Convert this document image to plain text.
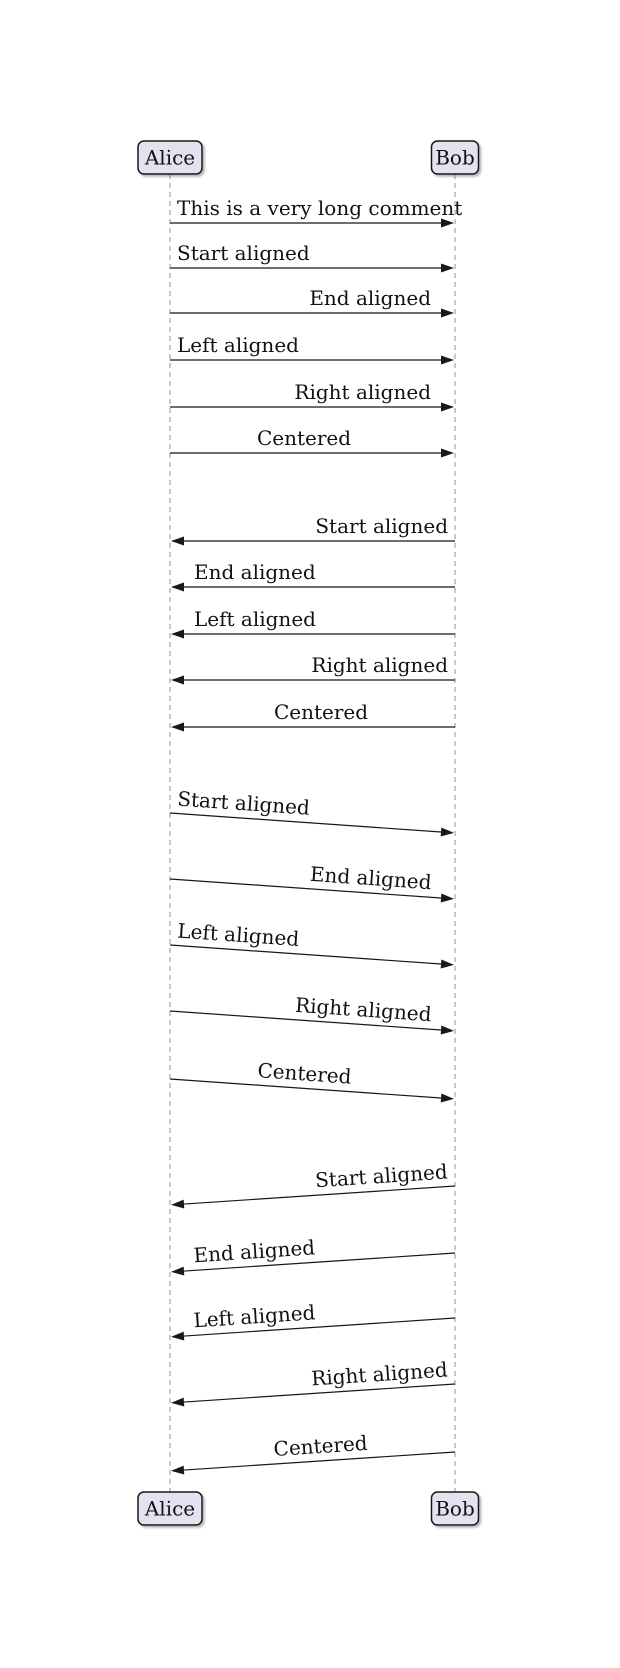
Alice
Alice
Bob
Bob
This is a very long comment
Start aligned
End aligned
Left aligned
Right aligned
Centered
Start aligned
End aligned
Left aligned
Right aligned
Centered
Start aligned
End aligned
Left aligned
Right aligned
Centered
Start aligned
End aligned
Left aligned
Right aligned
Centered
